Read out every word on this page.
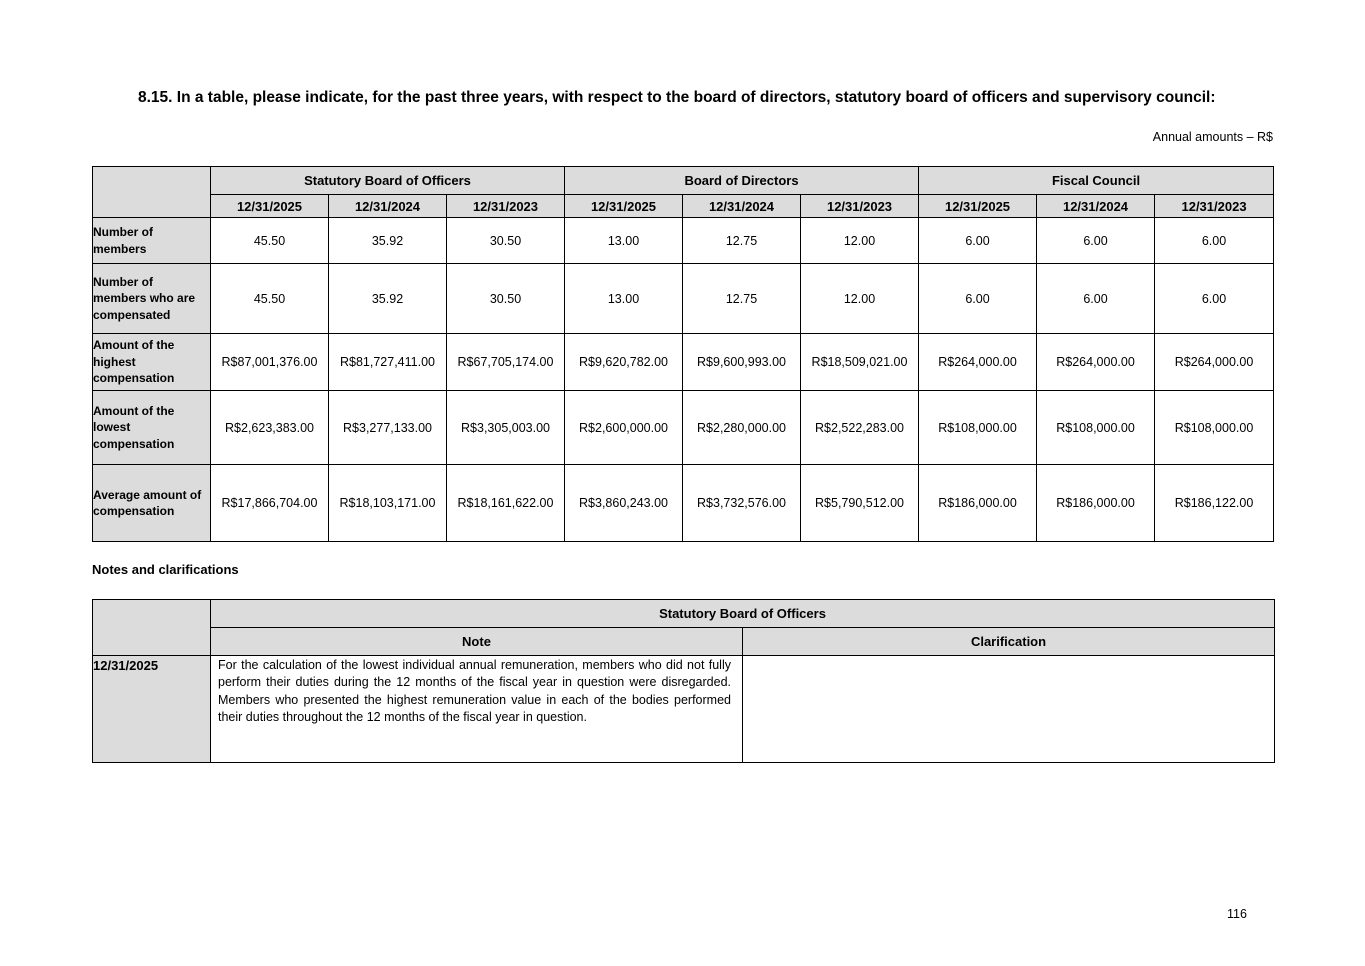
8.15. In a table, please indicate, for the past three years, with respect to the board of directors, statutory board of officers and supervisory council:
Annual amounts – R$
	Statutory Board of Officers			Board of Directors			Fiscal Council		
	12/31/2025	12/31/2024	12/31/2023	12/31/2025	12/31/2024	12/31/2023	12/31/2025	12/31/2024	12/31/2023
Number of members	45.50	35.92	30.50	13.00	12.75	12.00	6.00	6.00	6.00
Number of members who are compensated	45.50	35.92	30.50	13.00	12.75	12.00	6.00	6.00	6.00
Amount of the highest compensation	R$87,001,376.00	R$81,727,411.00	R$67,705,174.00	R$9,620,782.00	R$9,600,993.00	R$18,509,021.00	R$264,000.00	R$264,000.00	R$264,000.00
Amount of the lowest compensation	R$2,623,383.00	R$3,277,133.00	R$3,305,003.00	R$2,600,000.00	R$2,280,000.00	R$2,522,283.00	R$108,000.00	R$108,000.00	R$108,000.00
Average amount of compensation	R$17,866,704.00	R$18,103,171.00	R$18,161,622.00	R$3,860,243.00	R$3,732,576.00	R$5,790,512.00	R$186,000.00	R$186,000.00	R$186,122.00
Notes and clarifications
	Statutory Board of Officers	
	Note	Clarification
12/31/2025	For the calculation of the lowest individual annual remuneration, members who did not fully perform their duties during the 12 months of the fiscal year in question were disregarded. Members who presented the highest remuneration value in each of the bodies performed their duties throughout the 12 months of the fiscal year in question.	
116
